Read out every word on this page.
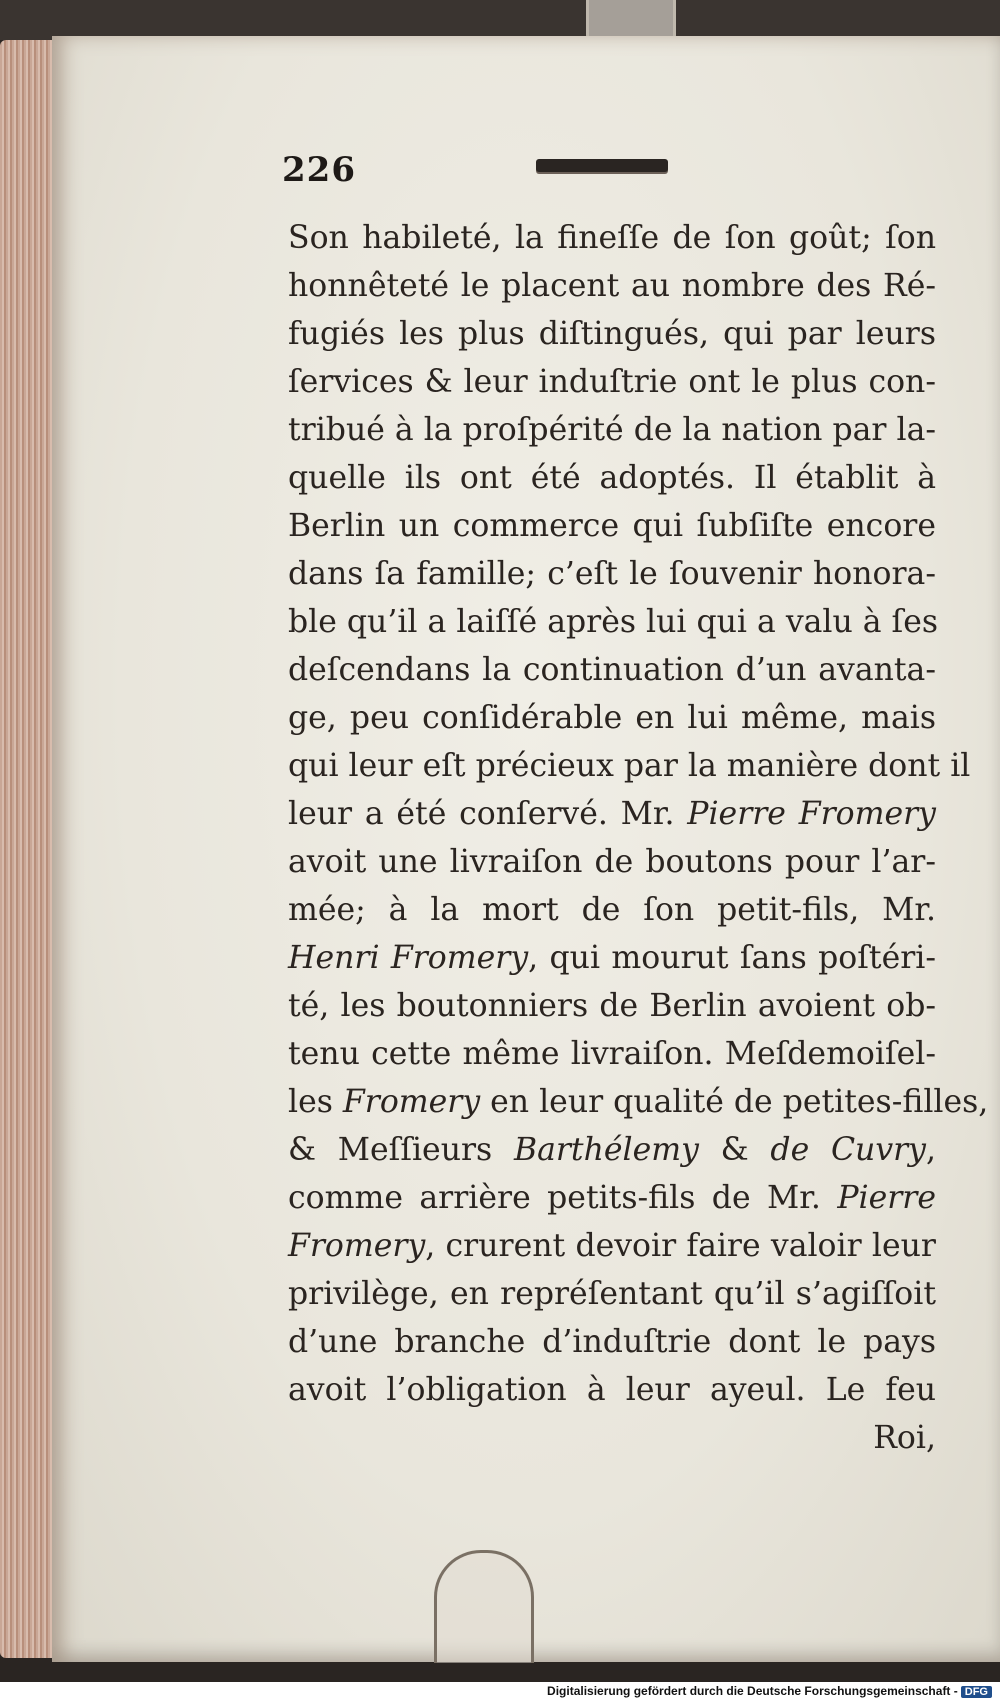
226
Son habileté, la fineſſe de ſon goût; ſon
honnêteté le placent au nombre des Ré-
fugiés les plus diſtingués, qui par leurs
ſervices & leur induſtrie ont le plus con-
tribué à la proſpérité de la nation par la-
quelle ils ont été adoptés. Il établit à
Berlin un commerce qui ſubſiſte encore
dans ſa famille; c’eſt le ſouvenir honora-
ble qu’il a laiſſé après lui qui a valu à ſes
deſcendans la continuation d’un avanta-
ge, peu conſidérable en lui même, mais
qui leur eſt précieux par la manière dont il
leur a été conſervé. Mr. Pierre Fromery
avoit une livraiſon de boutons pour l’ar-
mée; à la mort de ſon petit-fils, Mr.
Henri Fromery, qui mourut ſans poſtéri-
té, les boutonniers de Berlin avoient ob-
tenu cette même livraiſon. Meſdemoiſel-
les Fromery en leur qualité de petites-filles,
& Meſſieurs Barthélemy & de Cuvry,
comme arrière petits-fils de Mr. Pierre
Fromery, crurent devoir faire valoir leur
privilège, en repréſentant qu’il s’agiſſoit
d’une branche d’induſtrie dont le pays
avoit l’obligation à leur ayeul. Le feu
Roi,
Digitalisierung gefördert durch die Deutsche Forschungsgemeinschaft - DFG
